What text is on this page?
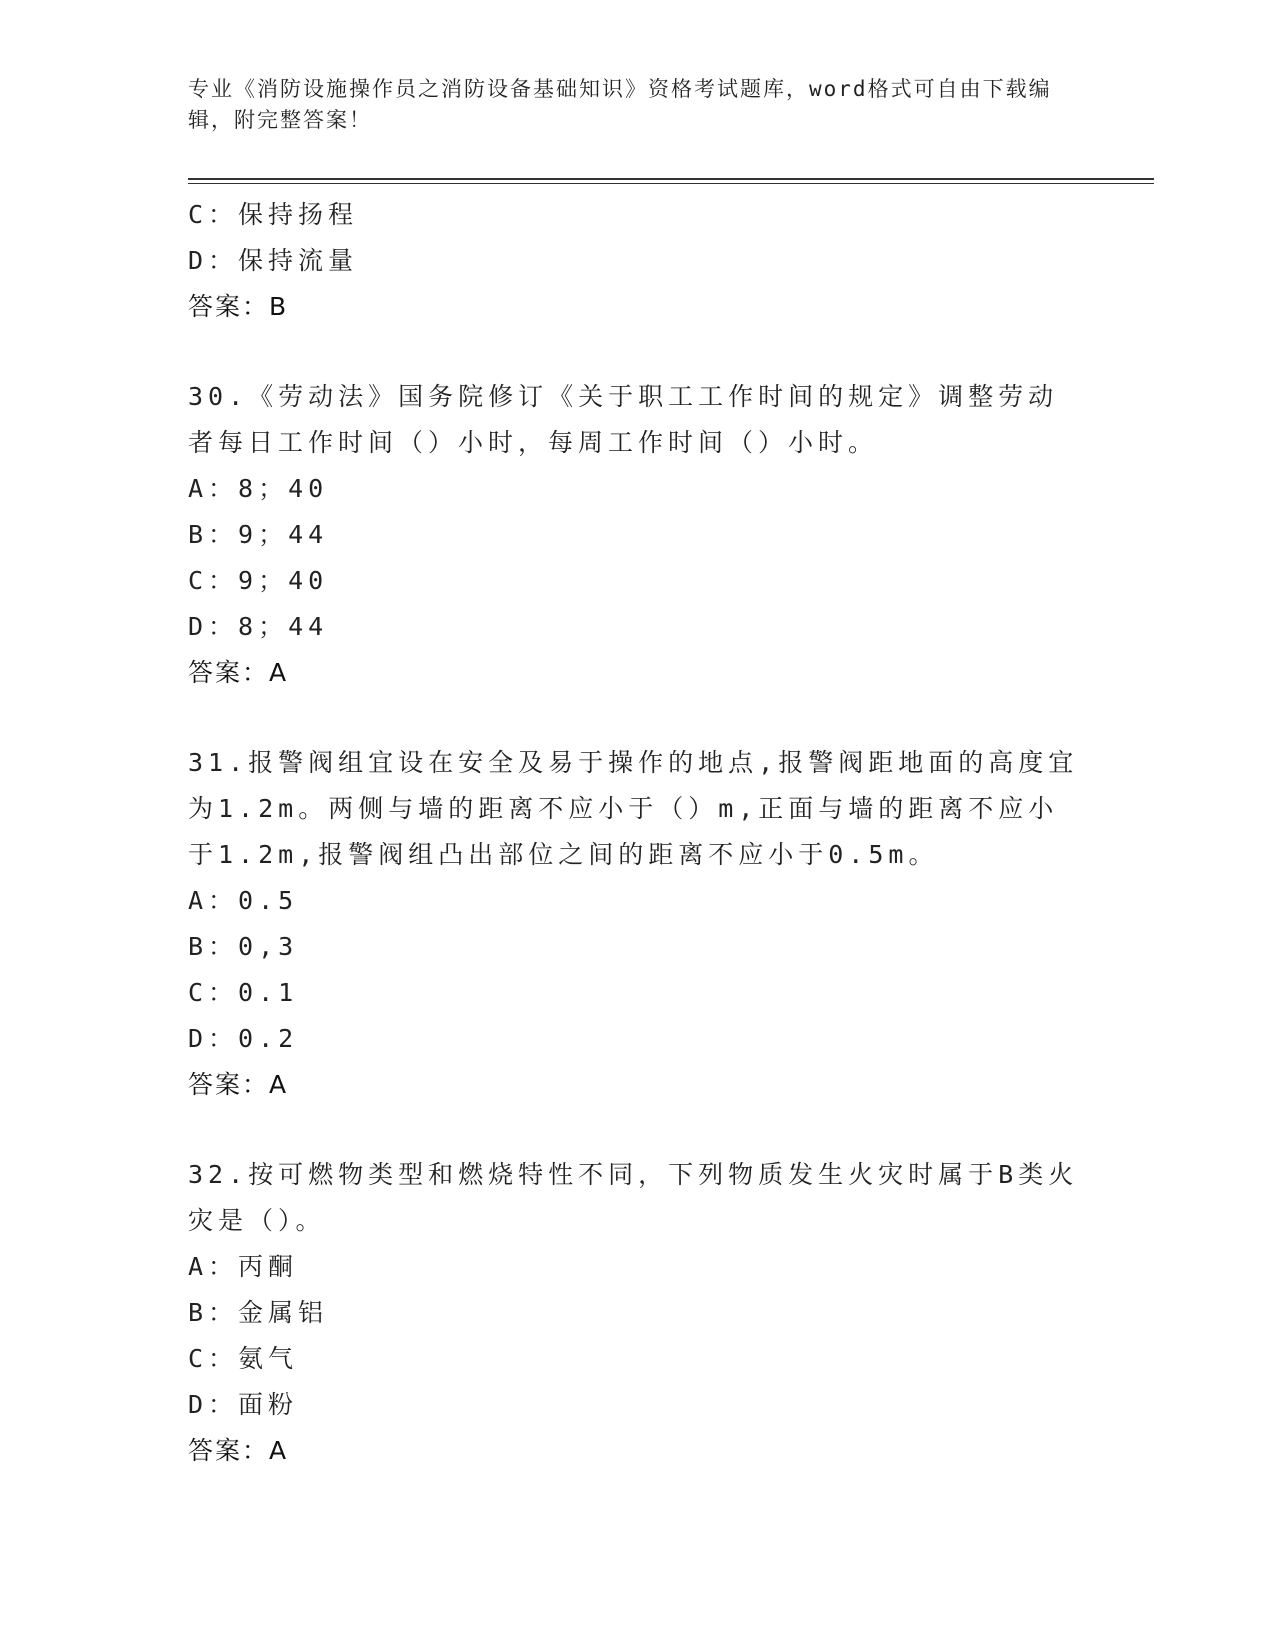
专业《消防设施操作员之消防设备基础知识》资格考试题库，word格式可自由下载编辑，附完整答案！
C：保持扬程
D：保持流量
答案：B
30.《劳动法》国务院修订《关于职工工作时间的规定》调整劳动者每日工作时间（）小时，每周工作时间（）小时。
A：8；40
B：9；44
C：9；40
D：8；44
答案：A
31.报警阀组宜设在安全及易于操作的地点,报警阀距地面的高度宜为1.2m。两侧与墙的距离不应小于（）m,正面与墙的距离不应小于1.2m,报警阀组凸出部位之间的距离不应小于0.5m。
A：0.5
B：0,3
C：0.1
D：0.2
答案：A
32.按可燃物类型和燃烧特性不同，下列物质发生火灾时属于B类火灾是（）。
A：丙酮
B：金属铝
C：氨气
D：面粉
答案：A
